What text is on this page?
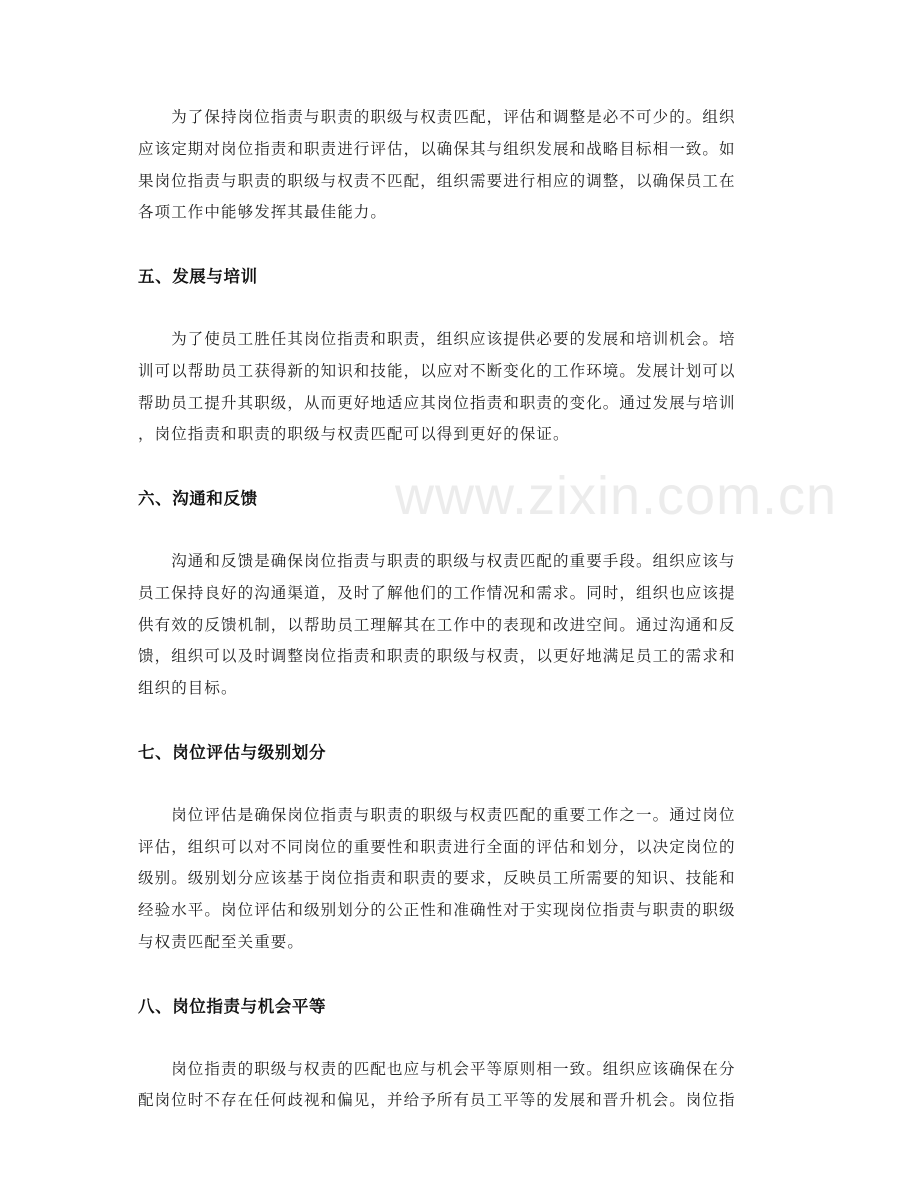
www.zixin.com.cn
　　为了保持岗位指责与职责的职级与权责匹配，评估和调整是必不可少的。组织
应该定期对岗位指责和职责进行评估，以确保其与组织发展和战略目标相一致。如
果岗位指责与职责的职级与权责不匹配，组织需要进行相应的调整，以确保员工在
各项工作中能够发挥其最佳能力。
五、发展与培训
　　为了使员工胜任其岗位指责和职责，组织应该提供必要的发展和培训机会。培
训可以帮助员工获得新的知识和技能，以应对不断变化的工作环境。发展计划可以
帮助员工提升其职级，从而更好地适应其岗位指责和职责的变化。通过发展与培训
，岗位指责和职责的职级与权责匹配可以得到更好的保证。
六、沟通和反馈
　　沟通和反馈是确保岗位指责与职责的职级与权责匹配的重要手段。组织应该与
员工保持良好的沟通渠道，及时了解他们的工作情况和需求。同时，组织也应该提
供有效的反馈机制，以帮助员工理解其在工作中的表现和改进空间。通过沟通和反
馈，组织可以及时调整岗位指责和职责的职级与权责，以更好地满足员工的需求和
组织的目标。
七、岗位评估与级别划分
　　岗位评估是确保岗位指责与职责的职级与权责匹配的重要工作之一。通过岗位
评估，组织可以对不同岗位的重要性和职责进行全面的评估和划分，以决定岗位的
级别。级别划分应该基于岗位指责和职责的要求，反映员工所需要的知识、技能和
经验水平。岗位评估和级别划分的公正性和准确性对于实现岗位指责与职责的职级
与权责匹配至关重要。
八、岗位指责与机会平等
　　岗位指责的职级与权责的匹配也应与机会平等原则相一致。组织应该确保在分
配岗位时不存在任何歧视和偏见，并给予所有员工平等的发展和晋升机会。岗位指
